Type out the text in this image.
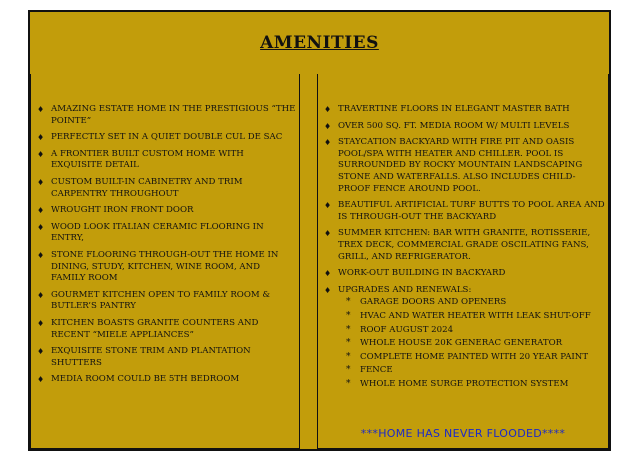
AMENITIES
♦ AMAZING ESTATE HOME IN THE PRESTIGIOUS “THE POINTE”
♦ PERFECTLY SET IN A QUIET DOUBLE CUL DE SAC
♦ A FRONTIER BUILT CUSTOM HOME WITH EXQUISITE DETAIL
♦ CUSTOM BUILT-IN CABINETRY AND TRIM CARPENTRY THROUGHOUT
♦ WROUGHT IRON FRONT DOOR
♦ WOOD LOOK ITALIAN CERAMIC FLOORING IN ENTRY,
♦ STONE FLOORING THROUGH-OUT THE HOME IN DINING, STUDY, KITCHEN, WINE ROOM, AND FAMILY ROOM
♦ GOURMET KITCHEN OPEN TO FAMILY ROOM & BUTLER’S PANTRY
♦ KITCHEN BOASTS GRANITE COUNTERS AND RECENT “MIELE APPLIANCES”
♦ EXQUISITE STONE TRIM AND PLANTATION SHUTTERS
♦ MEDIA ROOM COULD BE 5TH BEDROOM
♦ TRAVERTINE FLOORS IN ELEGANT MASTER BATH
♦ OVER 500 SQ. FT. MEDIA ROOM W/ MULTI LEVELS
♦ STAYCATION BACKYARD WITH FIRE PIT AND OASIS POOL/SPA WITH HEATER AND CHILLER. POOL IS SURROUNDED BY ROCKY MOUNTAIN LANDSCAPING STONE AND WATERFALLS. ALSO INCLUDES CHILD-PROOF FENCE AROUND POOL.
♦ BEAUTIFUL ARTIFICIAL TURF BUTTS TO POOL AREA AND IS THROUGH-OUT THE BACKYARD
♦ SUMMER KITCHEN: BAR WITH GRANITE, ROTISSERIE, TREX DECK, COMMERCIAL GRADE OSCILATING FANS, GRILL, AND REFRIGERATOR.
♦ WORK-OUT BUILDING IN BACKYARD
♦ UPGRADES AND RENEWALS:
* GARAGE DOORS AND OPENERS
* HVAC AND WATER HEATER WITH LEAK SHUT-OFF
* ROOF AUGUST 2024
* WHOLE HOUSE 20K GENERAC GENERATOR
* COMPLETE HOME PAINTED WITH 20 YEAR PAINT
* FENCE
* WHOLE HOME SURGE PROTECTION SYSTEM
***HOME HAS NEVER FLOODED****
